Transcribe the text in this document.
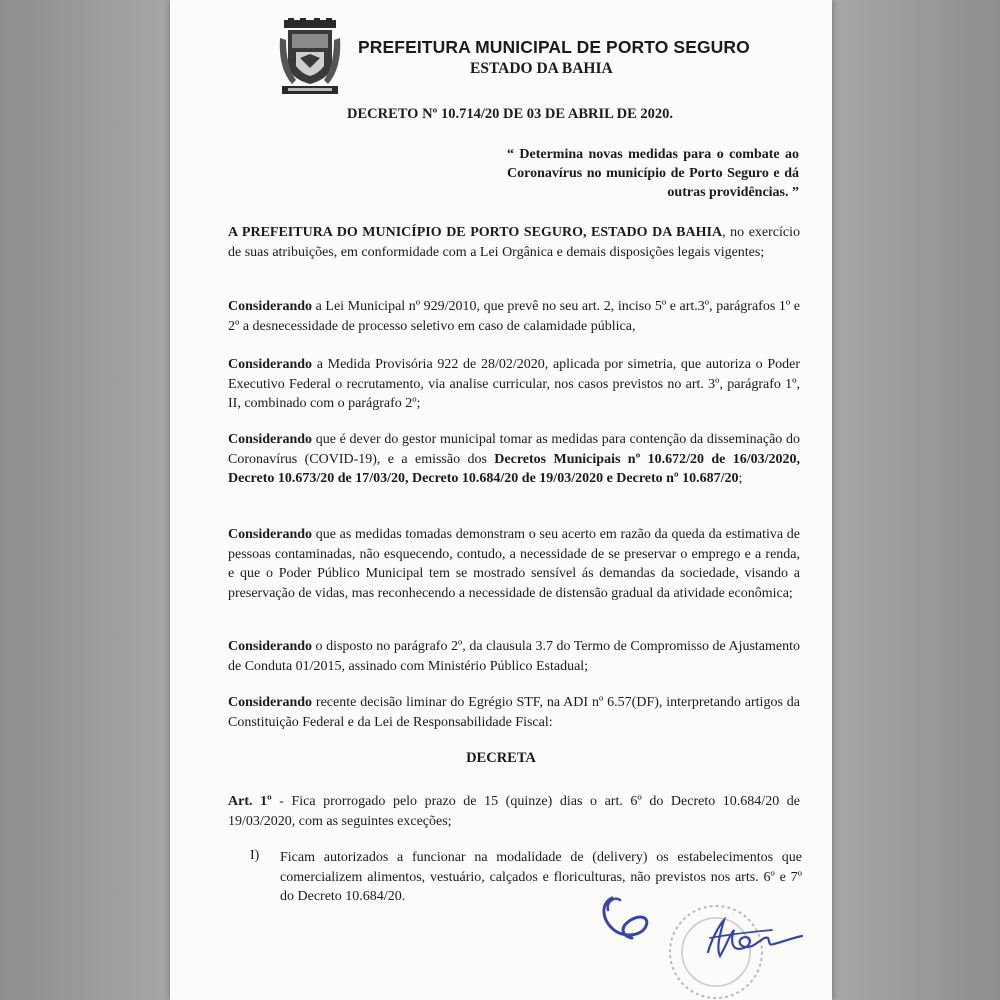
PREFEITURA MUNICIPAL DE PORTO SEGURO
ESTADO DA BAHIA
DECRETO Nº 10.714/20 DE 03 DE ABRIL DE 2020.
“ Determina novas medidas para o combate ao Coronavírus no município de Porto Seguro e dá outras providências. ”
A PREFEITURA DO MUNICÍPIO DE PORTO SEGURO, ESTADO DA BAHIA, no exercício de suas atribuições, em conformidade com a Lei Orgânica e demais disposições legais vigentes;
Considerando a Lei Municipal nº 929/2010, que prevê no seu art. 2, inciso 5º e art.3º, parágrafos 1º e 2º a desnecessidade de processo seletivo em caso de calamidade pública,
Considerando a Medida Provisória 922 de 28/02/2020, aplicada por simetria, que autoriza o Poder Executivo Federal o recrutamento, via analise curricular, nos casos previstos no art. 3º, parágrafo 1º, II, combinado com o parágrafo 2º;
Considerando que é dever do gestor municipal tomar as medidas para contenção da disseminação do Coronavírus (COVID-19), e a emissão dos Decretos Municipais nº 10.672/20 de 16/03/2020, Decreto 10.673/20 de 17/03/20, Decreto 10.684/20 de 19/03/2020 e Decreto nº 10.687/20;
Considerando que as medidas tomadas demonstram o seu acerto em razão da queda da estimativa de pessoas contaminadas, não esquecendo, contudo, a necessidade de se preservar o emprego e a renda, e que o Poder Público Municipal tem se mostrado sensível ás demandas da sociedade, visando a preservação de vidas, mas reconhecendo a necessidade de distensão gradual da atividade econômica;
Considerando o disposto no parágrafo 2º, da clausula 3.7 do Termo de Compromisso de Ajustamento de Conduta 01/2015, assinado com Ministério Público Estadual;
Considerando recente decisão liminar do Egrégio STF, na ADI nº 6.57(DF), interpretando artigos da Constituição Federal e da Lei de Responsabilidade Fiscal:
DECRETA
Art. 1º - Fica prorrogado pelo prazo de 15 (quinze) dias o art. 6º do Decreto 10.684/20 de 19/03/2020, com as seguintes exceções;
I) Ficam autorizados a funcionar na modalidade de (delivery) os estabelecimentos que comercializem alimentos, vestuário, calçados e floriculturas, não previstos nos arts. 6º e 7º do Decreto 10.684/20.
